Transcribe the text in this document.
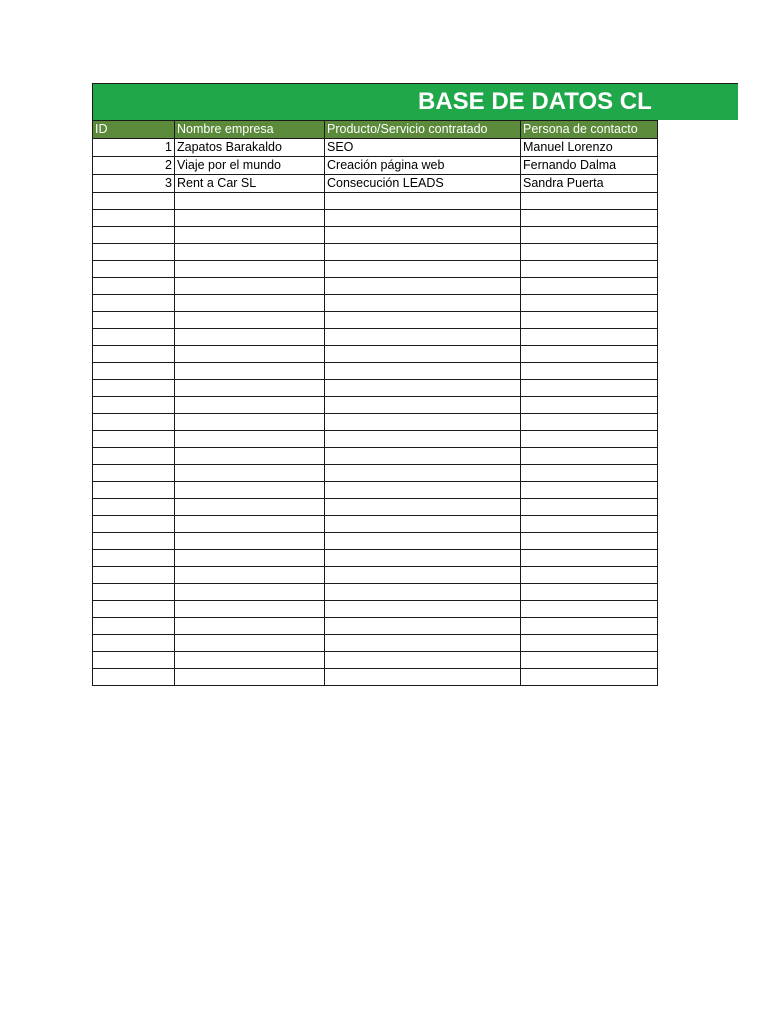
BASE DE DATOS CL
ID	Nombre empresa	Producto/Servicio contratado	Persona de contacto
1	Zapatos Barakaldo	SEO	Manuel Lorenzo
2	Viaje por el mundo	Creación página web	Fernando Dalma
3	Rent a Car SL	Consecución LEADS	Sandra Puerta
